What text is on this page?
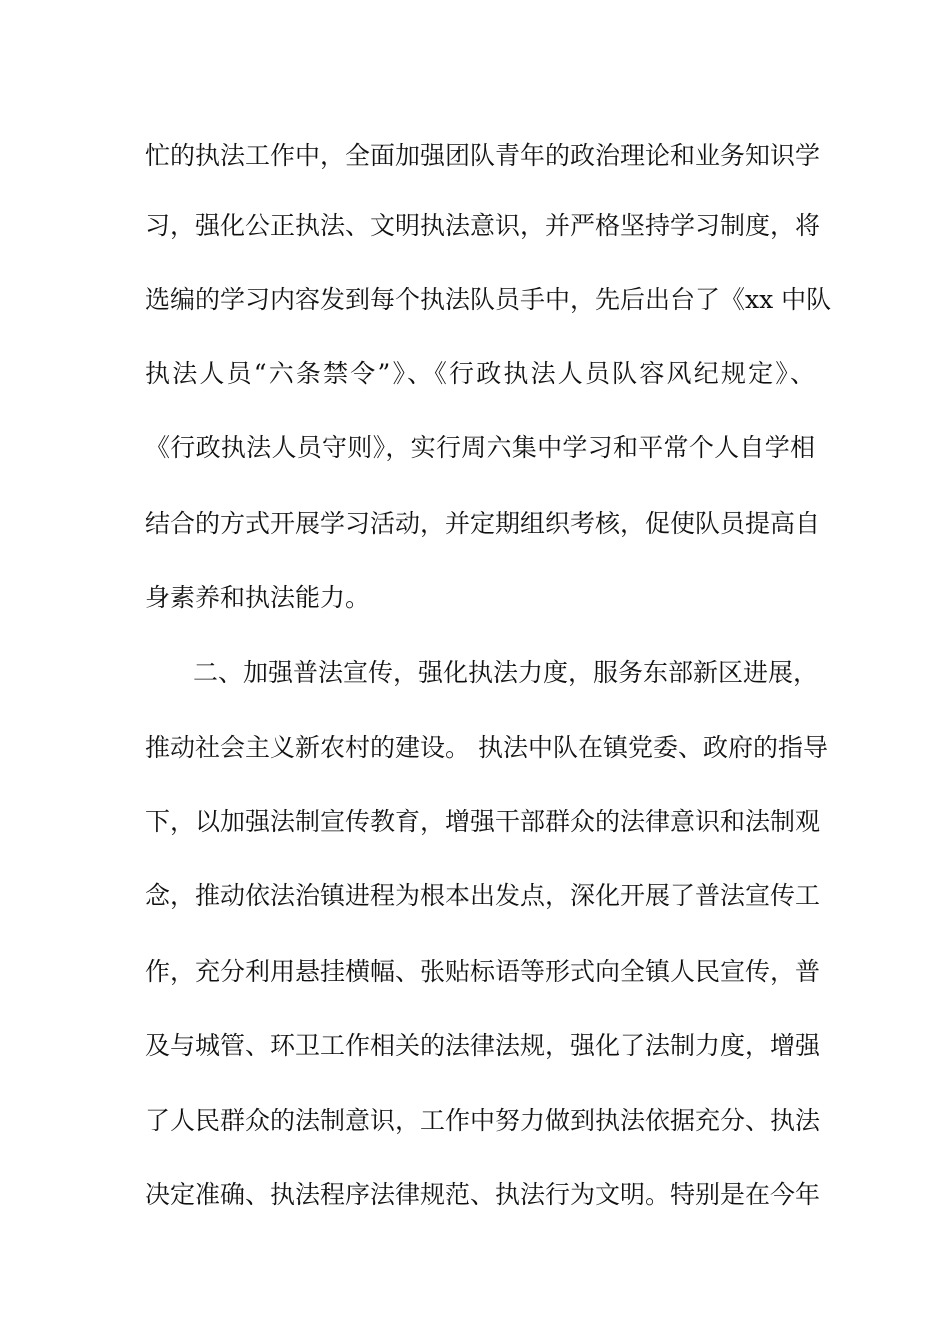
忙的执法工作中，全面加强团队青年的政治理论和业务知识学
习，强化公正执法、文明执法意识，并严格坚持学习制度，将
选编的学习内容发到每个执法队员手中，先后出台了《xx 中队
执法人员“六条禁令”》、《行政执法人员队容风纪规定》、
《行政执法人员守则》，实行周六集中学习和平常个人自学相
结合的方式开展学习活动，并定期组织考核，促使队员提高自
身素养和执法能力。
二、加强普法宣传，强化执法力度，服务东部新区进展，
推动社会主义新农村的建设。 执法中队在镇党委、政府的指导
下，以加强法制宣传教育，增强干部群众的法律意识和法制观
念，推动依法治镇进程为根本出发点，深化开展了普法宣传工
作，充分利用悬挂横幅、张贴标语等形式向全镇人民宣传，普
及与城管、环卫工作相关的法律法规，强化了法制力度，增强
了人民群众的法制意识，工作中努力做到执法依据充分、执法
决定准确、执法程序法律规范、执法行为文明。特别是在今年
